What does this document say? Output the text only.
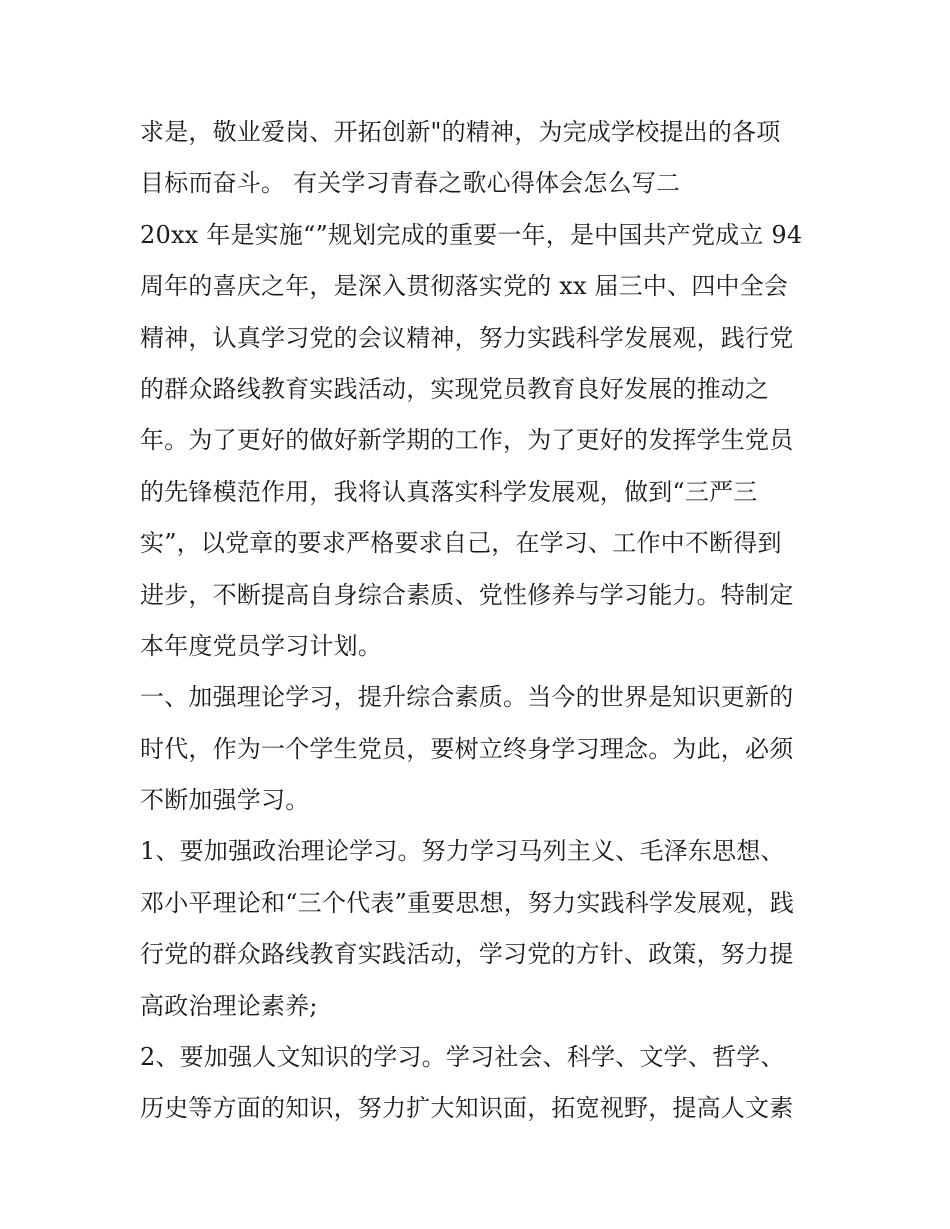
求是，敬业爱岗、开拓创新"的精神，为完成学校提出的各项
目标而奋斗。 有关学习青春之歌心得体会怎么写二
20xx 年是实施“”规划完成的重要一年，是中国共产党成立 94
周年的喜庆之年，是深入贯彻落实党的 xx 届三中、四中全会
精神，认真学习党的会议精神，努力实践科学发展观，践行党
的群众路线教育实践活动，实现党员教育良好发展的推动之
年。为了更好的做好新学期的工作，为了更好的发挥学生党员
的先锋模范作用，我将认真落实科学发展观，做到“三严三
实”，以党章的要求严格要求自己，在学习、工作中不断得到
进步，不断提高自身综合素质、党性修养与学习能力。特制定
本年度党员学习计划。
一、加强理论学习，提升综合素质。当今的世界是知识更新的
时代，作为一个学生党员，要树立终身学习理念。为此，必须
不断加强学习。
1、要加强政治理论学习。努力学习马列主义、毛泽东思想、
邓小平理论和“三个代表”重要思想，努力实践科学发展观，践
行党的群众路线教育实践活动，学习党的方针、政策，努力提
高政治理论素养;
2、要加强人文知识的学习。学习社会、科学、文学、哲学、
历史等方面的知识，努力扩大知识面，拓宽视野，提高人文素
